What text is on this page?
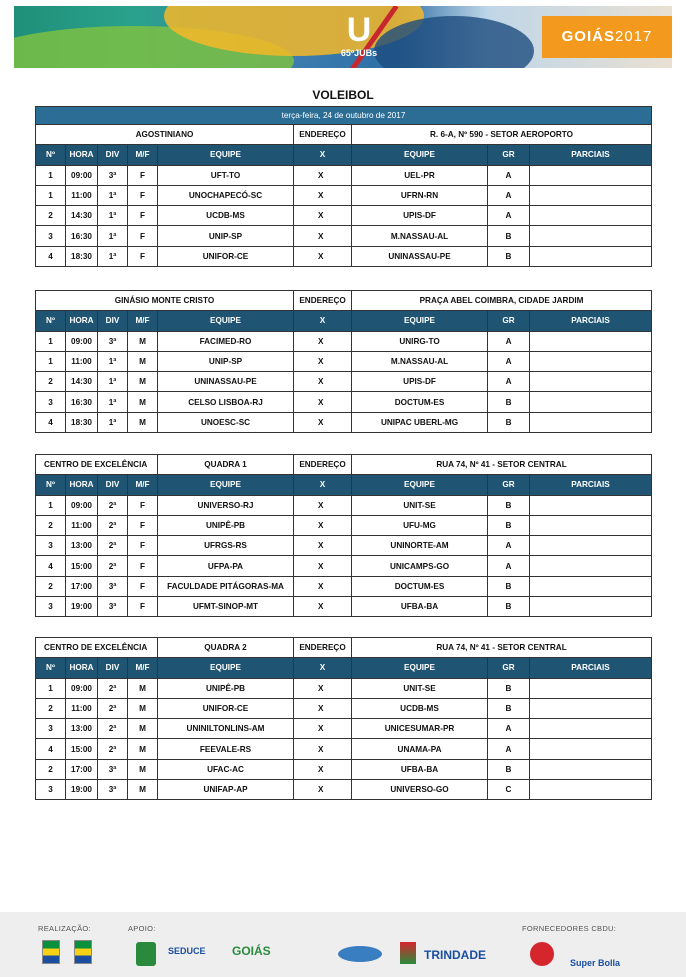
U
65ºJUBs
GOIÁS2017
VOLEIBOL
terça-feira, 24 de outubro de 2017								
AGOSTINIANO					ENDEREÇO	R. 6-A, Nº 590 - SETOR AEROPORTO		
Nº	HORA	DIV	M/F	EQUIPE	X	EQUIPE	GR	PARCIAIS
1	09:00	3ª	F	UFT-TO	X	UEL-PR	A	
1	11:00	1ª	F	UNOCHAPECÓ-SC	X	UFRN-RN	A	
2	14:30	1ª	F	UCDB-MS	X	UPIS-DF	A	
3	16:30	1ª	F	UNIP-SP	X	M.NASSAU-AL	B	
4	18:30	1ª	F	UNIFOR-CE	X	UNINASSAU-PE	B	
GINÁSIO MONTE CRISTO					ENDEREÇO	PRAÇA ABEL COIMBRA, CIDADE JARDIM		
Nº	HORA	DIV	M/F	EQUIPE	X	EQUIPE	GR	PARCIAIS
1	09:00	3ª	M	FACIMED-RO	X	UNIRG-TO	A	
1	11:00	1ª	M	UNIP-SP	X	M.NASSAU-AL	A	
2	14:30	1ª	M	UNINASSAU-PE	X	UPIS-DF	A	
3	16:30	1ª	M	CELSO LISBOA-RJ	X	DOCTUM-ES	B	
4	18:30	1ª	M	UNOESC-SC	X	UNIPAC UBERL-MG	B	
CENTRO DE EXCELÊNCIA				QUADRA 1	ENDEREÇO	RUA 74, Nº 41 - SETOR CENTRAL		
Nº	HORA	DIV	M/F	EQUIPE	X	EQUIPE	GR	PARCIAIS
1	09:00	2ª	F	UNIVERSO-RJ	X	UNIT-SE	B	
2	11:00	2ª	F	UNIPÊ-PB	X	UFU-MG	B	
3	13:00	2ª	F	UFRGS-RS	X	UNINORTE-AM	A	
4	15:00	2ª	F	UFPA-PA	X	UNICAMPS-GO	A	
2	17:00	3ª	F	FACULDADE PITÁGORAS-MA	X	DOCTUM-ES	B	
3	19:00	3ª	F	UFMT-SINOP-MT	X	UFBA-BA	B	
CENTRO DE EXCELÊNCIA				QUADRA 2	ENDEREÇO	RUA 74, Nº 41 - SETOR CENTRAL		
Nº	HORA	DIV	M/F	EQUIPE	X	EQUIPE	GR	PARCIAIS
1	09:00	2ª	M	UNIPÊ-PB	X	UNIT-SE	B	
2	11:00	2ª	M	UNIFOR-CE	X	UCDB-MS	B	
3	13:00	2ª	M	UNINILTONLINS-AM	X	UNICESUMAR-PR	A	
4	15:00	2ª	M	FEEVALE-RS	X	UNAMA-PA	A	
2	17:00	3ª	M	UFAC-AC	X	UFBA-BA	B	
3	19:00	3ª	M	UNIFAP-AP	X	UNIVERSO-GO	C	
REALIZAÇÃO:	APOIO:	FORNECEDORES CBDU:
SEDUCE GOIÁS	TRINDADE
Super Bolla
